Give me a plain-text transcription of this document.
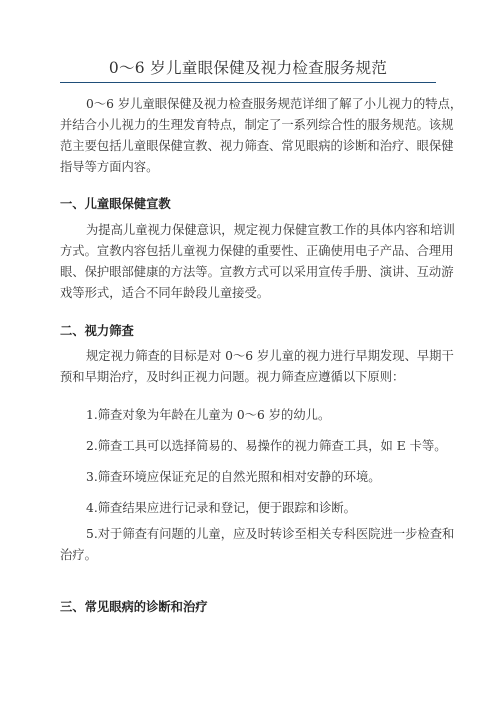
0～6 岁儿童眼保健及视力检查服务规范
0～6 岁儿童眼保健及视力检查服务规范详细了解了小儿视力的特点，
并结合小儿视力的生理发育特点，制定了一系列综合性的服务规范。该规
范主要包括儿童眼保健宣教、视力筛查、常见眼病的诊断和治疗、眼保健
指导等方面内容。
一、儿童眼保健宣教
为提高儿童视力保健意识，规定视力保健宣教工作的具体内容和培训
方式。宣教内容包括儿童视力保健的重要性、正确使用电子产品、合理用
眼、保护眼部健康的方法等。宣教方式可以采用宣传手册、演讲、互动游
戏等形式，适合不同年龄段儿童接受。
二、视力筛查
规定视力筛查的目标是对 0～6 岁儿童的视力进行早期发现、早期干
预和早期治疗，及时纠正视力问题。视力筛查应遵循以下原则：
1.筛查对象为年龄在儿童为 0～6 岁的幼儿。
2.筛查工具可以选择简易的、易操作的视力筛查工具，如 E 卡等。
3.筛查环境应保证充足的自然光照和相对安静的环境。
4.筛查结果应进行记录和登记，便于跟踪和诊断。
5.对于筛查有问题的儿童，应及时转诊至相关专科医院进一步检查和
治疗。
三、常见眼病的诊断和治疗
